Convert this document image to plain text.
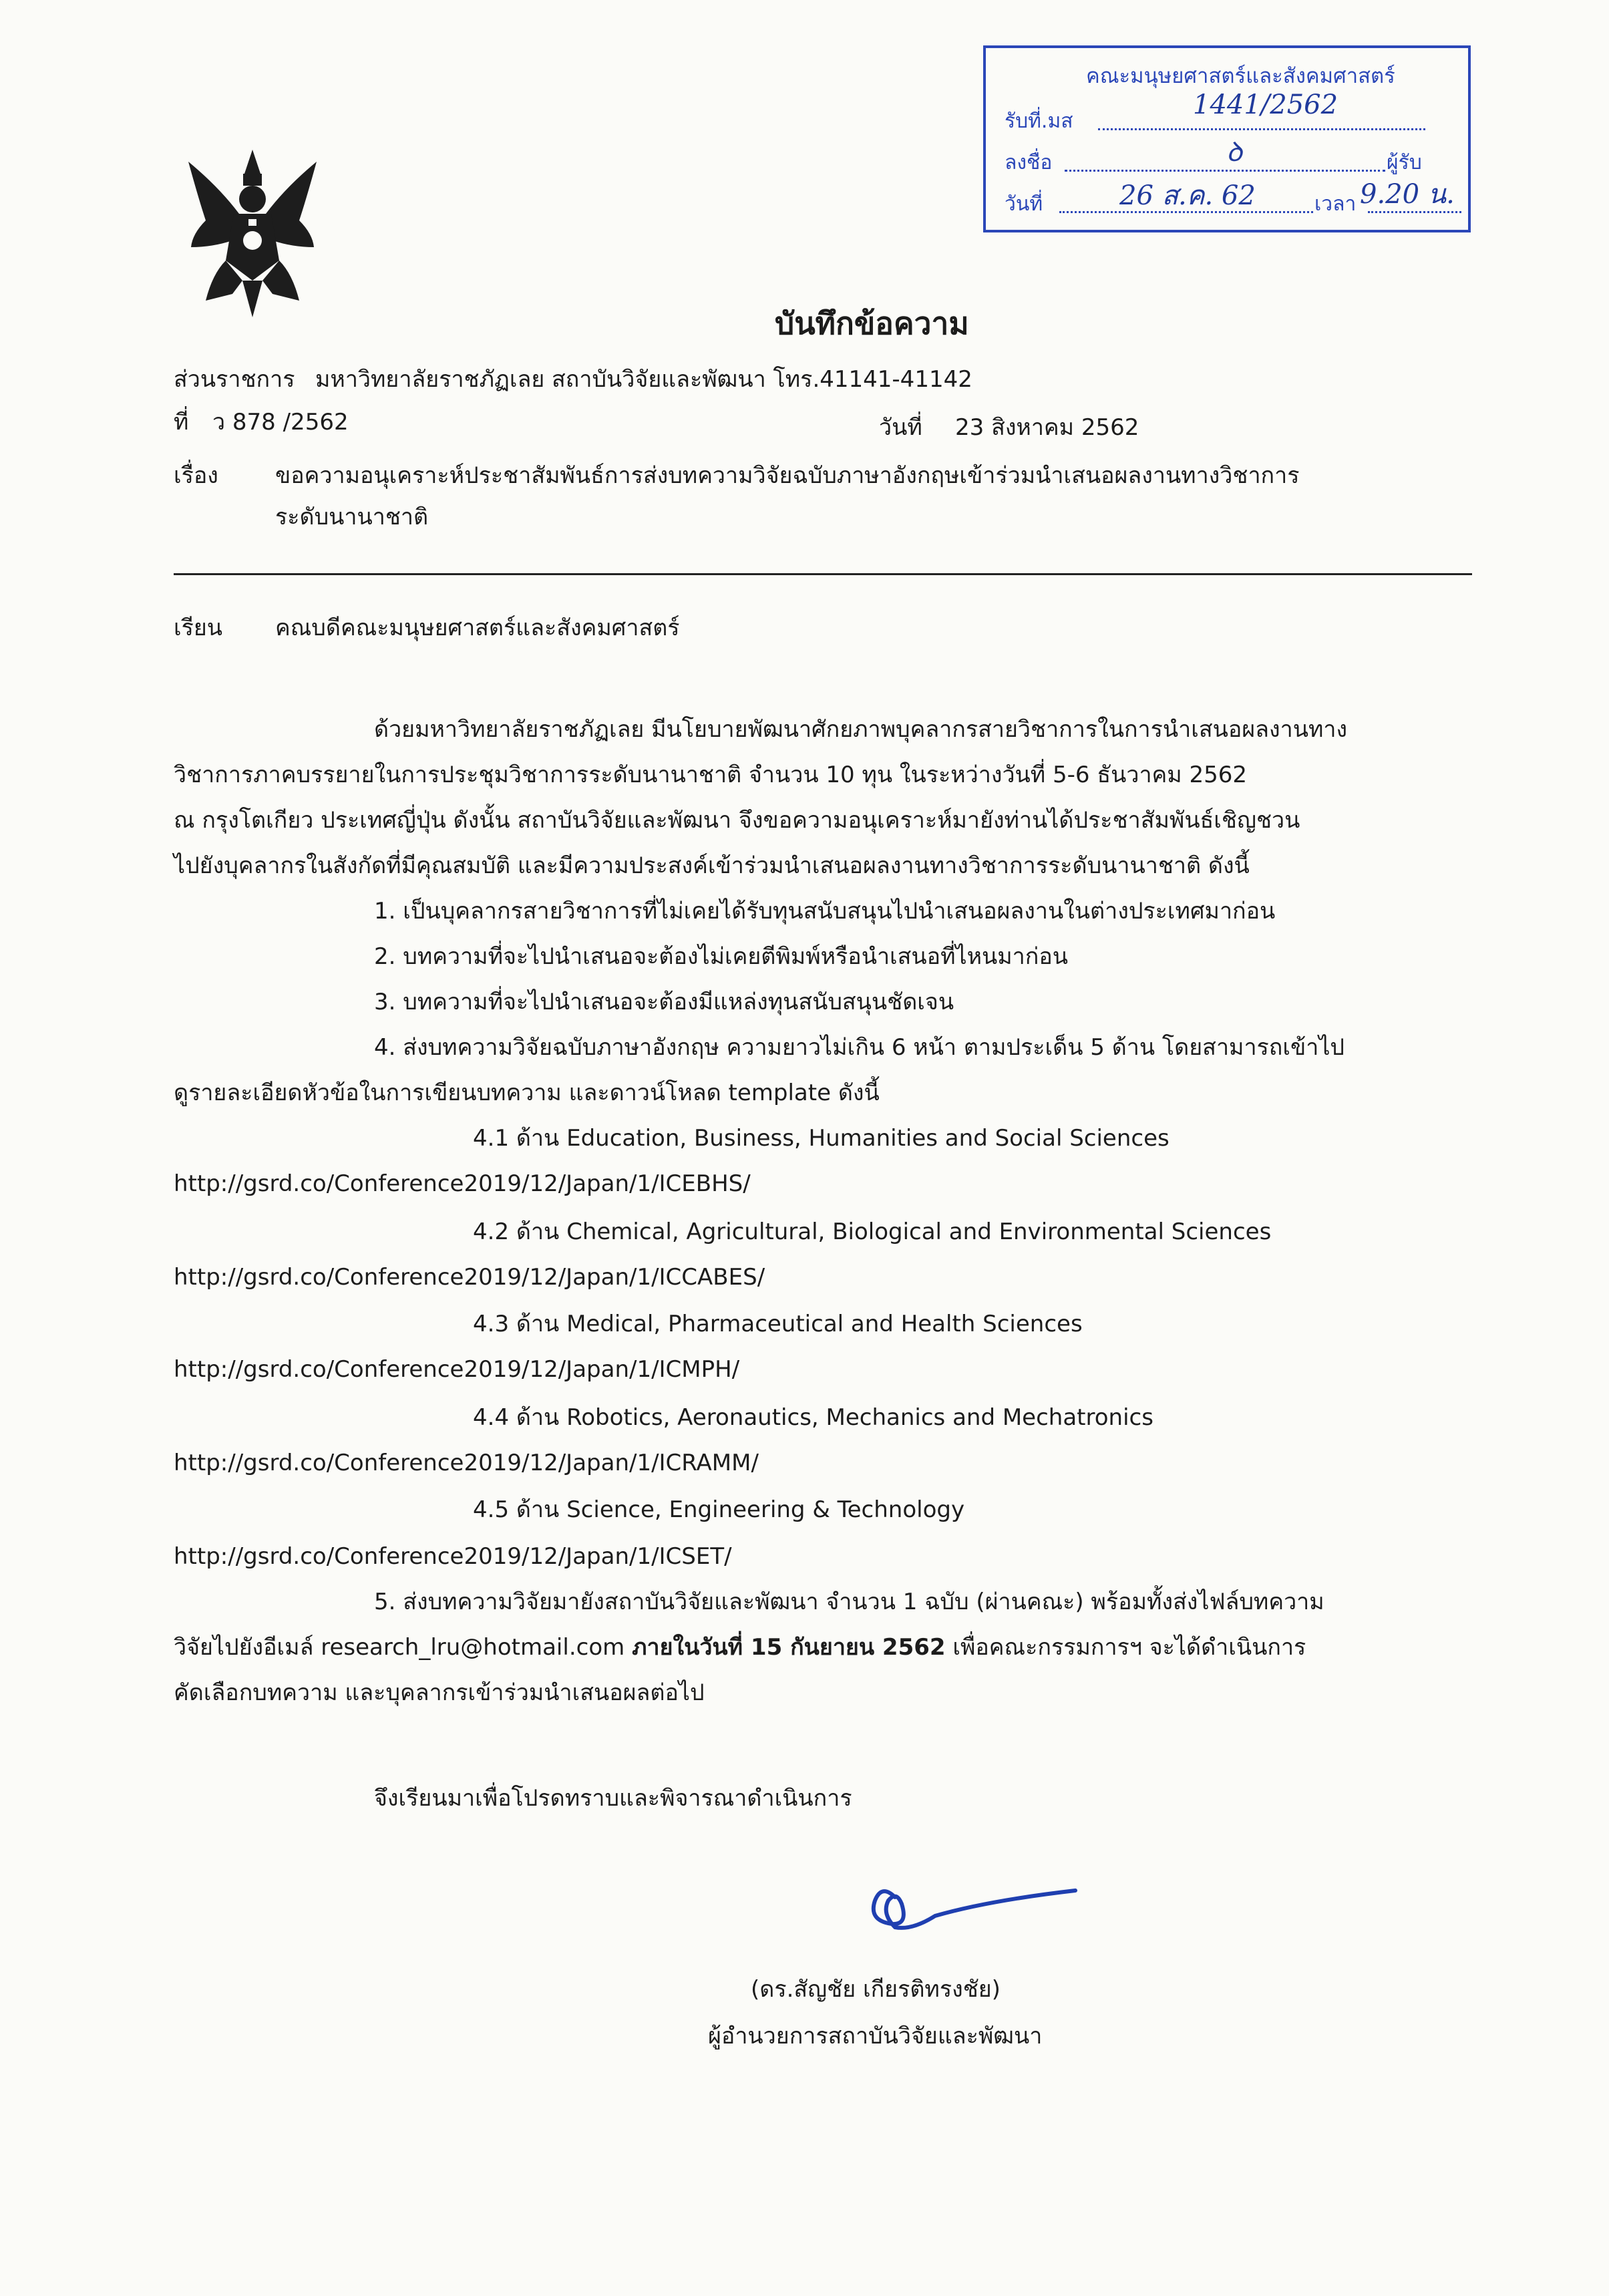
คณะมนุษยศาสตร์และสังคมศาสตร์
รับที่.มส
1441/2562
ลงชื่อ	ꝺ	ผู้รับ
วันที่	26 ส.ค. 62	เวลา 9.20 น.
บันทึกข้อความ
ส่วนราชการ มหาวิทยาลัยราชภัฏเลย สถาบันวิจัยและพัฒนา โทร.41141-41142
ที่ ว 878 /2562	วันที่ 23 สิงหาคม 2562
เรื่อง	ขอความอนุเคราะห์ประชาสัมพันธ์การส่งบทความวิจัยฉบับภาษาอังกฤษเข้าร่วมนำเสนอผลงานทางวิชาการ
ระดับนานาชาติ
เรียน คณบดีคณะมนุษยศาสตร์และสังคมศาสตร์
ด้วยมหาวิทยาลัยราชภัฏเลย มีนโยบายพัฒนาศักยภาพบุคลากรสายวิชาการในการนำเสนอผลงานทาง
วิชาการภาคบรรยายในการประชุมวิชาการระดับนานาชาติ จำนวน 10 ทุน ในระหว่างวันที่ 5-6 ธันวาคม 2562
ณ กรุงโตเกียว ประเทศญี่ปุ่น ดังนั้น สถาบันวิจัยและพัฒนา จึงขอความอนุเคราะห์มายังท่านได้ประชาสัมพันธ์เชิญชวน
ไปยังบุคลากรในสังกัดที่มีคุณสมบัติ และมีความประสงค์เข้าร่วมนำเสนอผลงานทางวิชาการระดับนานาชาติ ดังนี้
1. เป็นบุคลากรสายวิชาการที่ไม่เคยได้รับทุนสนับสนุนไปนำเสนอผลงานในต่างประเทศมาก่อน
2. บทความที่จะไปนำเสนอจะต้องไม่เคยตีพิมพ์หรือนำเสนอที่ไหนมาก่อน
3. บทความที่จะไปนำเสนอจะต้องมีแหล่งทุนสนับสนุนชัดเจน
4. ส่งบทความวิจัยฉบับภาษาอังกฤษ ความยาวไม่เกิน 6 หน้า ตามประเด็น 5 ด้าน โดยสามารถเข้าไป
ดูรายละเอียดหัวข้อในการเขียนบทความ และดาวน์โหลด template ดังนี้
4.1 ด้าน Education, Business, Humanities and Social Sciences
http://gsrd.co/Conference2019/12/Japan/1/ICEBHS/
4.2 ด้าน Chemical, Agricultural, Biological and Environmental Sciences
http://gsrd.co/Conference2019/12/Japan/1/ICCABES/
4.3 ด้าน Medical, Pharmaceutical and Health Sciences
http://gsrd.co/Conference2019/12/Japan/1/ICMPH/
4.4 ด้าน Robotics, Aeronautics, Mechanics and Mechatronics
http://gsrd.co/Conference2019/12/Japan/1/ICRAMM/
4.5 ด้าน Science, Engineering & Technology
http://gsrd.co/Conference2019/12/Japan/1/ICSET/
5. ส่งบทความวิจัยมายังสถาบันวิจัยและพัฒนา จำนวน 1 ฉบับ (ผ่านคณะ) พร้อมทั้งส่งไฟล์บทความ
วิจัยไปยังอีเมล์ research_lru@hotmail.com ภายในวันที่ 15 กันยายน 2562 เพื่อคณะกรรมการฯ จะได้ดำเนินการ
คัดเลือกบทความ และบุคลากรเข้าร่วมนำเสนอผลต่อไป
จึงเรียนมาเพื่อโปรดทราบและพิจารณาดำเนินการ
(ดร.สัญชัย เกียรติทรงชัย)
ผู้อำนวยการสถาบันวิจัยและพัฒนา
